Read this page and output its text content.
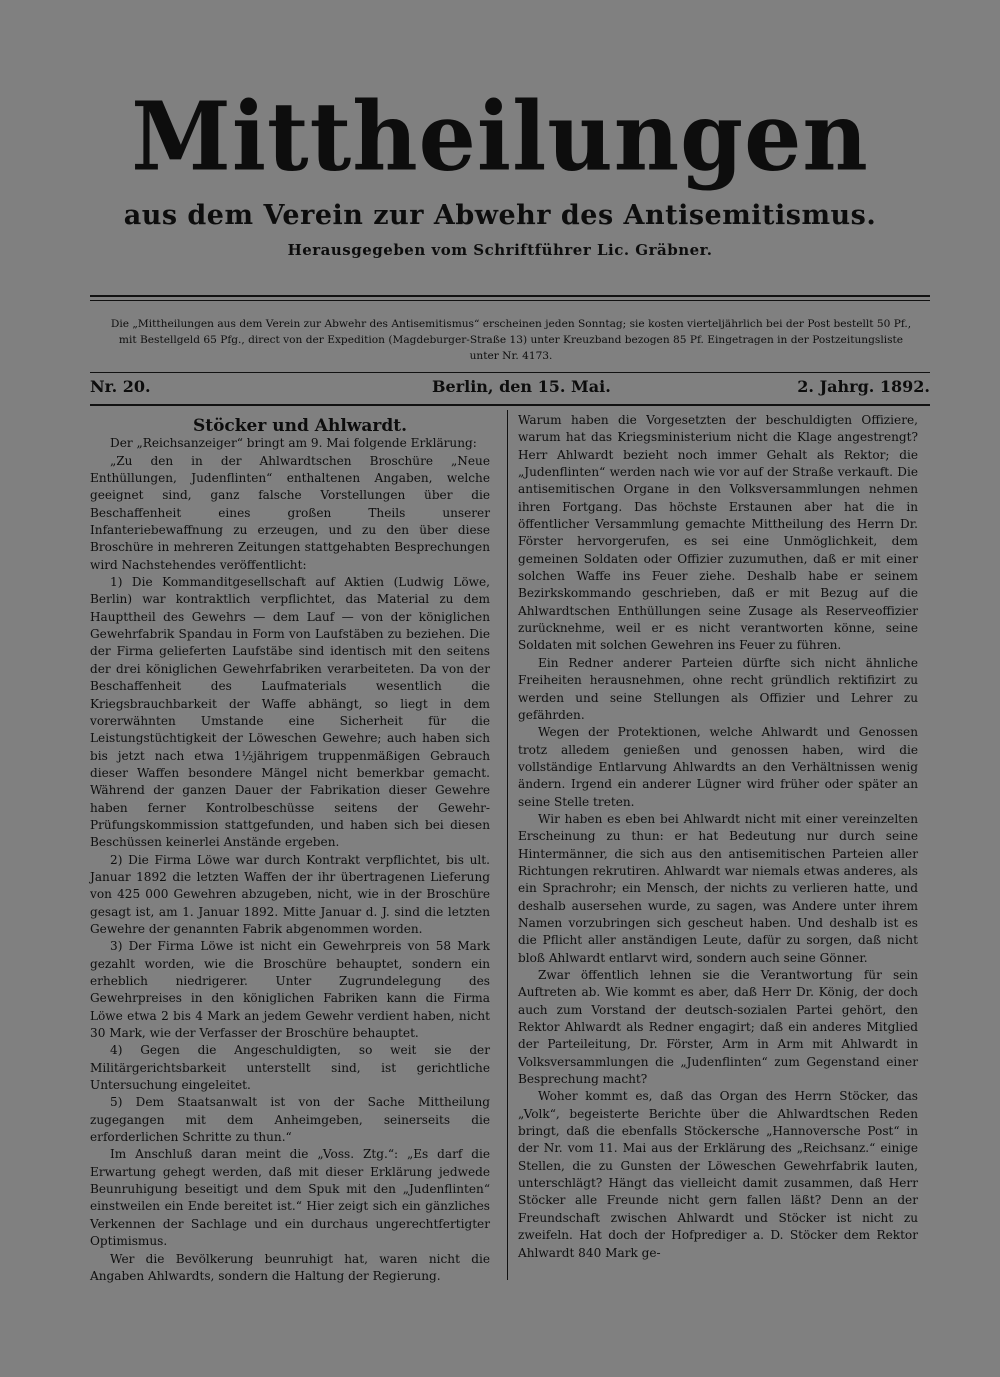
Mittheilungen
aus dem Verein zur Abwehr des Antisemitismus.
Herausgegeben vom Schriftführer Lic. Gräbner.
Die „Mittheilungen aus dem Verein zur Abwehr des Antisemitismus“ erscheinen jeden Sonntag; sie kosten vierteljährlich bei der Post bestellt 50 Pf., mit Bestellgeld 65 Pfg., direct von der Expedition (Magdeburger-Straße 13) unter Kreuzband bezogen 85 Pf. Eingetragen in der Postzeitungsliste unter Nr. 4173.
Nr. 20.	Berlin, den 15. Mai.	2. Jahrg. 1892.

Stöcker und Ahlwardt.

Der „Reichsanzeiger“ bringt am 9. Mai folgende Erklärung:

„Zu den in der Ahlwardtschen Broschüre „Neue Enthüllungen, Judenflinten“ enthaltenen Angaben, welche geeignet sind, ganz falsche Vorstellungen über die Beschaffenheit eines großen Theils unserer Infanteriebewaffnung zu erzeugen, und zu den über diese Broschüre in mehreren Zeitungen stattgehabten Besprechungen wird Nachstehendes veröffentlicht:

1) Die Kommanditgesellschaft auf Aktien (Ludwig Löwe, Berlin) war kontraktlich verpflichtet, das Material zu dem Haupttheil des Gewehrs — dem Lauf — von der königlichen Gewehrfabrik Spandau in Form von Laufstäben zu beziehen. Die der Firma gelieferten Laufstäbe sind identisch mit den seitens der drei königlichen Gewehrfabriken verarbeiteten. Da von der Beschaffenheit des Laufmaterials wesentlich die Kriegsbrauchbarkeit der Waffe abhängt, so liegt in dem vorerwähnten Umstande eine Sicherheit für die Leistungstüchtigkeit der Löweschen Gewehre; auch haben sich bis jetzt nach etwa 1½jährigem truppenmäßigen Gebrauch dieser Waffen besondere Mängel nicht bemerkbar gemacht. Während der ganzen Dauer der Fabrikation dieser Gewehre haben ferner Kontrolbeschüsse seitens der Gewehr-Prüfungskommission stattgefunden, und haben sich bei diesen Beschüssen keinerlei Anstände ergeben.

2) Die Firma Löwe war durch Kontrakt verpflichtet, bis ult. Januar 1892 die letzten Waffen der ihr übertragenen Lieferung von 425 000 Gewehren abzugeben, nicht, wie in der Broschüre gesagt ist, am 1. Januar 1892. Mitte Januar d. J. sind die letzten Gewehre der genannten Fabrik abgenommen worden.

3) Der Firma Löwe ist nicht ein Gewehrpreis von 58 Mark gezahlt worden, wie die Broschüre behauptet, sondern ein erheblich niedrigerer. Unter Zugrundelegung des Gewehrpreises in den königlichen Fabriken kann die Firma Löwe etwa 2 bis 4 Mark an jedem Gewehr verdient haben, nicht 30 Mark, wie der Verfasser der Broschüre behauptet.

4) Gegen die Angeschuldigten, so weit sie der Militärgerichtsbarkeit unterstellt sind, ist gerichtliche Untersuchung eingeleitet.

5) Dem Staatsanwalt ist von der Sache Mittheilung zugegangen mit dem Anheimgeben, seinerseits die erforderlichen Schritte zu thun.“

Im Anschluß daran meint die „Voss. Ztg.“: „Es darf die Erwartung gehegt werden, daß mit dieser Erklärung jedwede Beunruhigung beseitigt und dem Spuk mit den „Judenflinten“ einstweilen ein Ende bereitet ist.“ Hier zeigt sich ein gänzliches Verkennen der Sachlage und ein durchaus ungerechtfertigter Optimismus.

Wer die Bevölkerung beunruhigt hat, waren nicht die Angaben Ahlwardts, sondern die Haltung der Regierung.

Warum haben die Vorgesetzten der beschuldigten Offiziere, warum hat das Kriegsministerium nicht die Klage angestrengt? Herr Ahlwardt bezieht noch immer Gehalt als Rektor; die „Judenflinten“ werden nach wie vor auf der Straße verkauft. Die antisemitischen Organe in den Volksversammlungen nehmen ihren Fortgang. Das höchste Erstaunen aber hat die in öffentlicher Versammlung gemachte Mittheilung des Herrn Dr. Förster hervorgerufen, es sei eine Unmöglichkeit, dem gemeinen Soldaten oder Offizier zuzumuthen, daß er mit einer solchen Waffe ins Feuer ziehe. Deshalb habe er seinem Bezirkskommando geschrieben, daß er mit Bezug auf die Ahlwardtschen Enthüllungen seine Zusage als Reserveoffizier zurücknehme, weil er es nicht verantworten könne, seine Soldaten mit solchen Gewehren ins Feuer zu führen.

Ein Redner anderer Parteien dürfte sich nicht ähnliche Freiheiten herausnehmen, ohne recht gründlich rektifizirt zu werden und seine Stellungen als Offizier und Lehrer zu gefährden.

Wegen der Protektionen, welche Ahlwardt und Genossen trotz alledem genießen und genossen haben, wird die vollständige Entlarvung Ahlwardts an den Verhältnissen wenig ändern. Irgend ein anderer Lügner wird früher oder später an seine Stelle treten.

Wir haben es eben bei Ahlwardt nicht mit einer vereinzelten Erscheinung zu thun: er hat Bedeutung nur durch seine Hintermänner, die sich aus den antisemitischen Parteien aller Richtungen rekrutiren. Ahlwardt war niemals etwas anderes, als ein Sprachrohr; ein Mensch, der nichts zu verlieren hatte, und deshalb ausersehen wurde, zu sagen, was Andere unter ihrem Namen vorzubringen sich gescheut haben. Und deshalb ist es die Pflicht aller anständigen Leute, dafür zu sorgen, daß nicht bloß Ahlwardt entlarvt wird, sondern auch seine Gönner.

Zwar öffentlich lehnen sie die Verantwortung für sein Auftreten ab. Wie kommt es aber, daß Herr Dr. König, der doch auch zum Vorstand der deutsch-sozialen Partei gehört, den Rektor Ahlwardt als Redner engagirt; daß ein anderes Mitglied der Parteileitung, Dr. Förster, Arm in Arm mit Ahlwardt in Volksversammlungen die „Judenflinten“ zum Gegenstand einer Besprechung macht?

Woher kommt es, daß das Organ des Herrn Stöcker, das „Volk“, begeisterte Berichte über die Ahlwardtschen Reden bringt, daß die ebenfalls Stöckersche „Hannoversche Post“ in der Nr. vom 11. Mai aus der Erklärung des „Reichsanz.“ einige Stellen, die zu Gunsten der Löweschen Gewehrfabrik lauten, unterschlägt? Hängt das vielleicht damit zusammen, daß Herr Stöcker alle Freunde nicht gern fallen läßt? Denn an der Freundschaft zwischen Ahlwardt und Stöcker ist nicht zu zweifeln. Hat doch der Hofprediger a. D. Stöcker dem Rektor Ahlwardt 840 Mark ge-
